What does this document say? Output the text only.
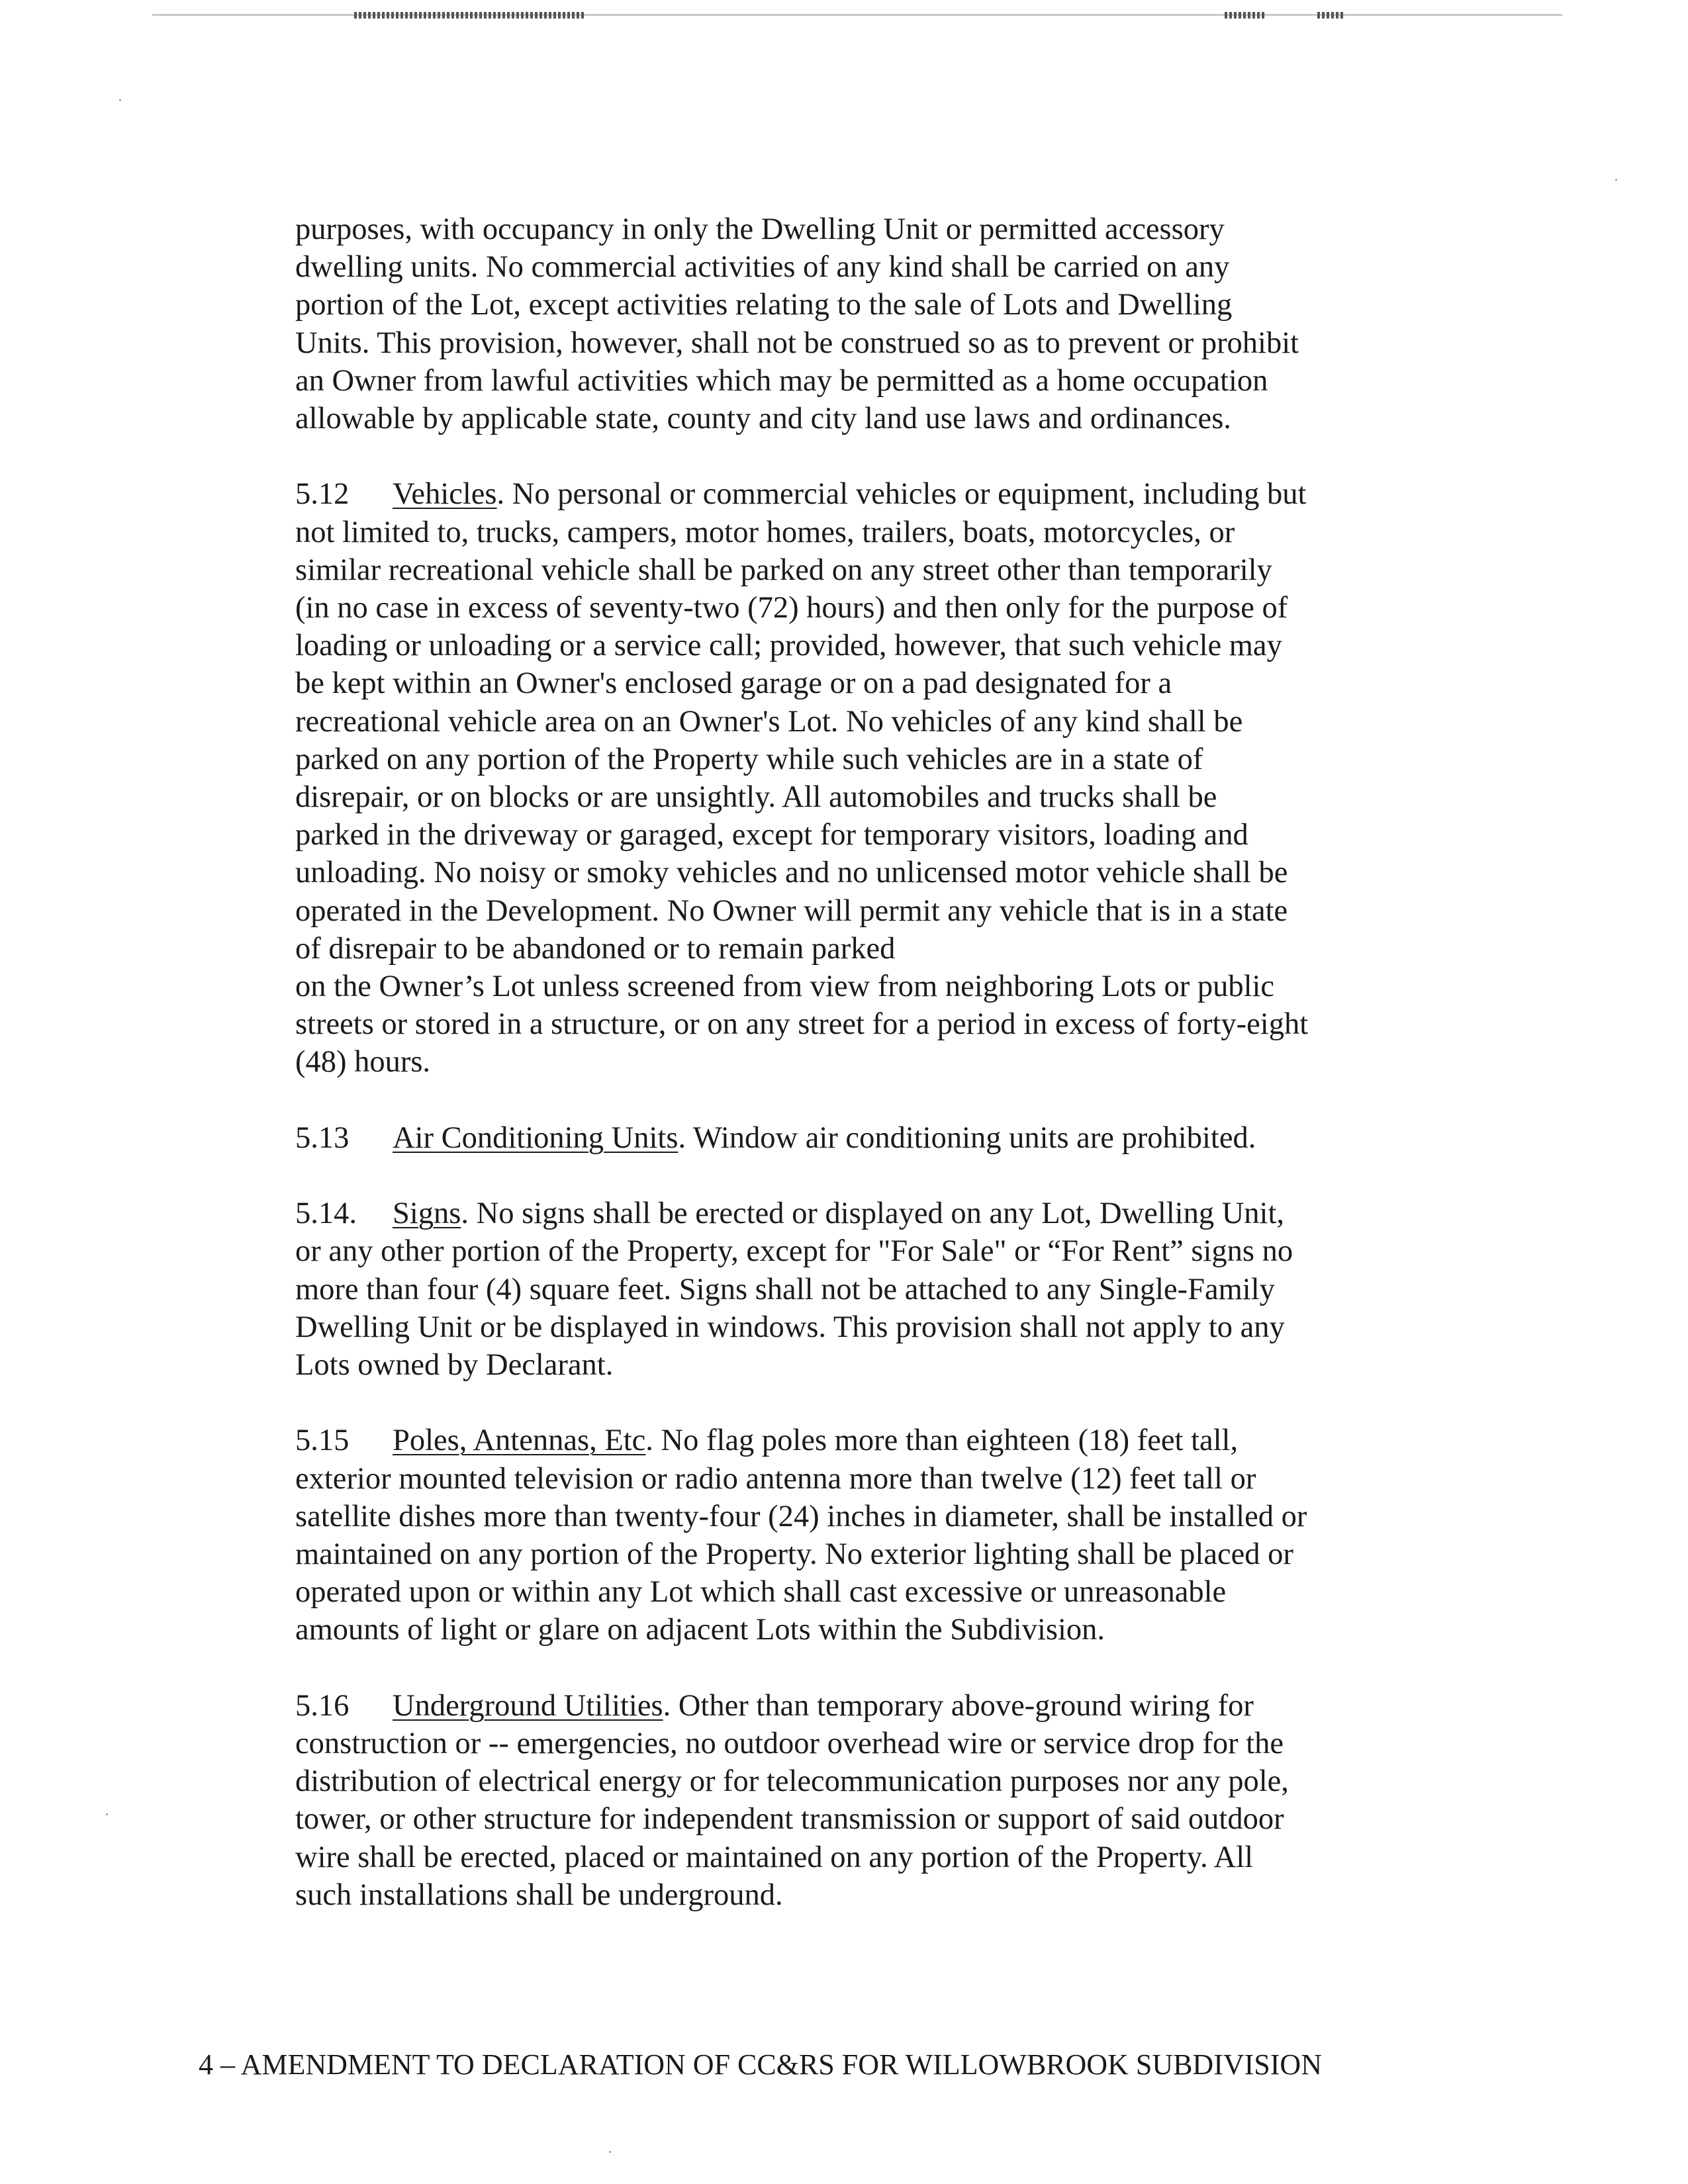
purposes, with occupancy in only the Dwelling Unit or permitted accessory
dwelling units. No commercial activities of any kind shall be carried on any
portion of the Lot, except activities relating to the sale of Lots and Dwelling
Units. This provision, however, shall not be construed so as to prevent or prohibit
an Owner from lawful activities which may be permitted as a home occupation
allowable by applicable state, county and city land use laws and ordinances.
5.12 Vehicles. No personal or commercial vehicles or equipment, including but
not limited to, trucks, campers, motor homes, trailers, boats, motorcycles, or
similar recreational vehicle shall be parked on any street other than temporarily
(in no case in excess of seventy-two (72) hours) and then only for the purpose of
loading or unloading or a service call; provided, however, that such vehicle may
be kept within an Owner's enclosed garage or on a pad designated for a
recreational vehicle area on an Owner's Lot. No vehicles of any kind shall be
parked on any portion of the Property while such vehicles are in a state of
disrepair, or on blocks or are unsightly. All automobiles and trucks shall be
parked in the driveway or garaged, except for temporary visitors, loading and
unloading. No noisy or smoky vehicles and no unlicensed motor vehicle shall be
operated in the Development. No Owner will permit any vehicle that is in a state
of disrepair to be abandoned or to remain parked
on the Owner’s Lot unless screened from view from neighboring Lots or public
streets or stored in a structure, or on any street for a period in excess of forty-eight
(48) hours.
5.13 Air Conditioning Units. Window air conditioning units are prohibited.
5.14. Signs. No signs shall be erected or displayed on any Lot, Dwelling Unit,
or any other portion of the Property, except for "For Sale" or “For Rent” signs no
more than four (4) square feet. Signs shall not be attached to any Single-Family
Dwelling Unit or be displayed in windows. This provision shall not apply to any
Lots owned by Declarant.
5.15 Poles, Antennas, Etc. No flag poles more than eighteen (18) feet tall,
exterior mounted television or radio antenna more than twelve (12) feet tall or
satellite dishes more than twenty-four (24) inches in diameter, shall be installed or
maintained on any portion of the Property. No exterior lighting shall be placed or
operated upon or within any Lot which shall cast excessive or unreasonable
amounts of light or glare on adjacent Lots within the Subdivision.
5.16 Underground Utilities. Other than temporary above-ground wiring for
construction or -- emergencies, no outdoor overhead wire or service drop for the
distribution of electrical energy or for telecommunication purposes nor any pole,
tower, or other structure for independent transmission or support of said outdoor
wire shall be erected, placed or maintained on any portion of the Property. All
such installations shall be underground.
4 – AMENDMENT TO DECLARATION OF CC&RS FOR WILLOWBROOK SUBDIVISION
